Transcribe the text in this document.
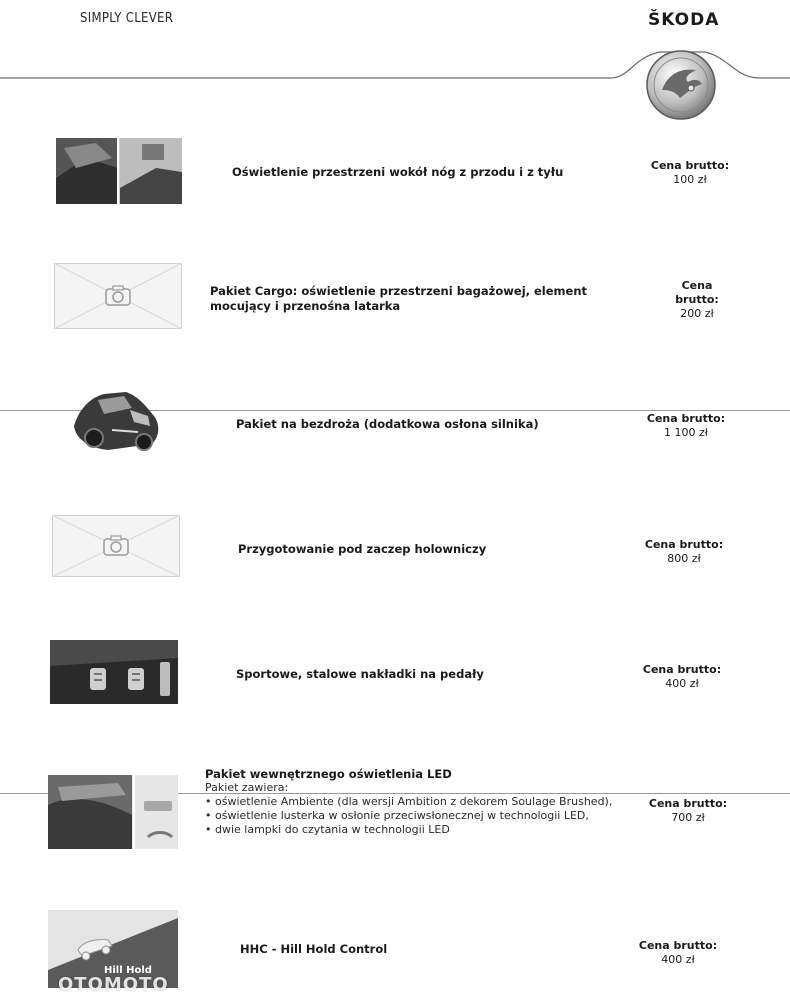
SIMPLY CLEVER	ŠKODA
Oświetlenie przestrzeni wokół nóg z przodu i z tyłu	Cena brutto:
100 zł
Pakiet Cargo: oświetlenie przestrzeni bagażowej, element mocujący i przenośna latarka
Cena brutto:
200 zł
Pakiet na bezdroża (dodatkowa osłona silnika)	Cena brutto:
1 100 zł
Przygotowanie pod zaczep holowniczy	Cena brutto:
800 zł
Sportowe, stalowe nakładki na pedały	Cena brutto:
400 zł
Pakiet wewnętrznego oświetlenia LED
Pakiet zawiera:
• oświetlenie Ambiente (dla wersji Ambition z dekorem Soulage Brushed),
• oświetlenie lusterka w osłonie przeciwsłonecznej w technologii LED,
• dwie lampki do czytania w technologii LED
Cena brutto:
700 zł
Hill Hold
HHC - Hill Hold Control	Cena brutto:
400 zł
OTOMOTO
